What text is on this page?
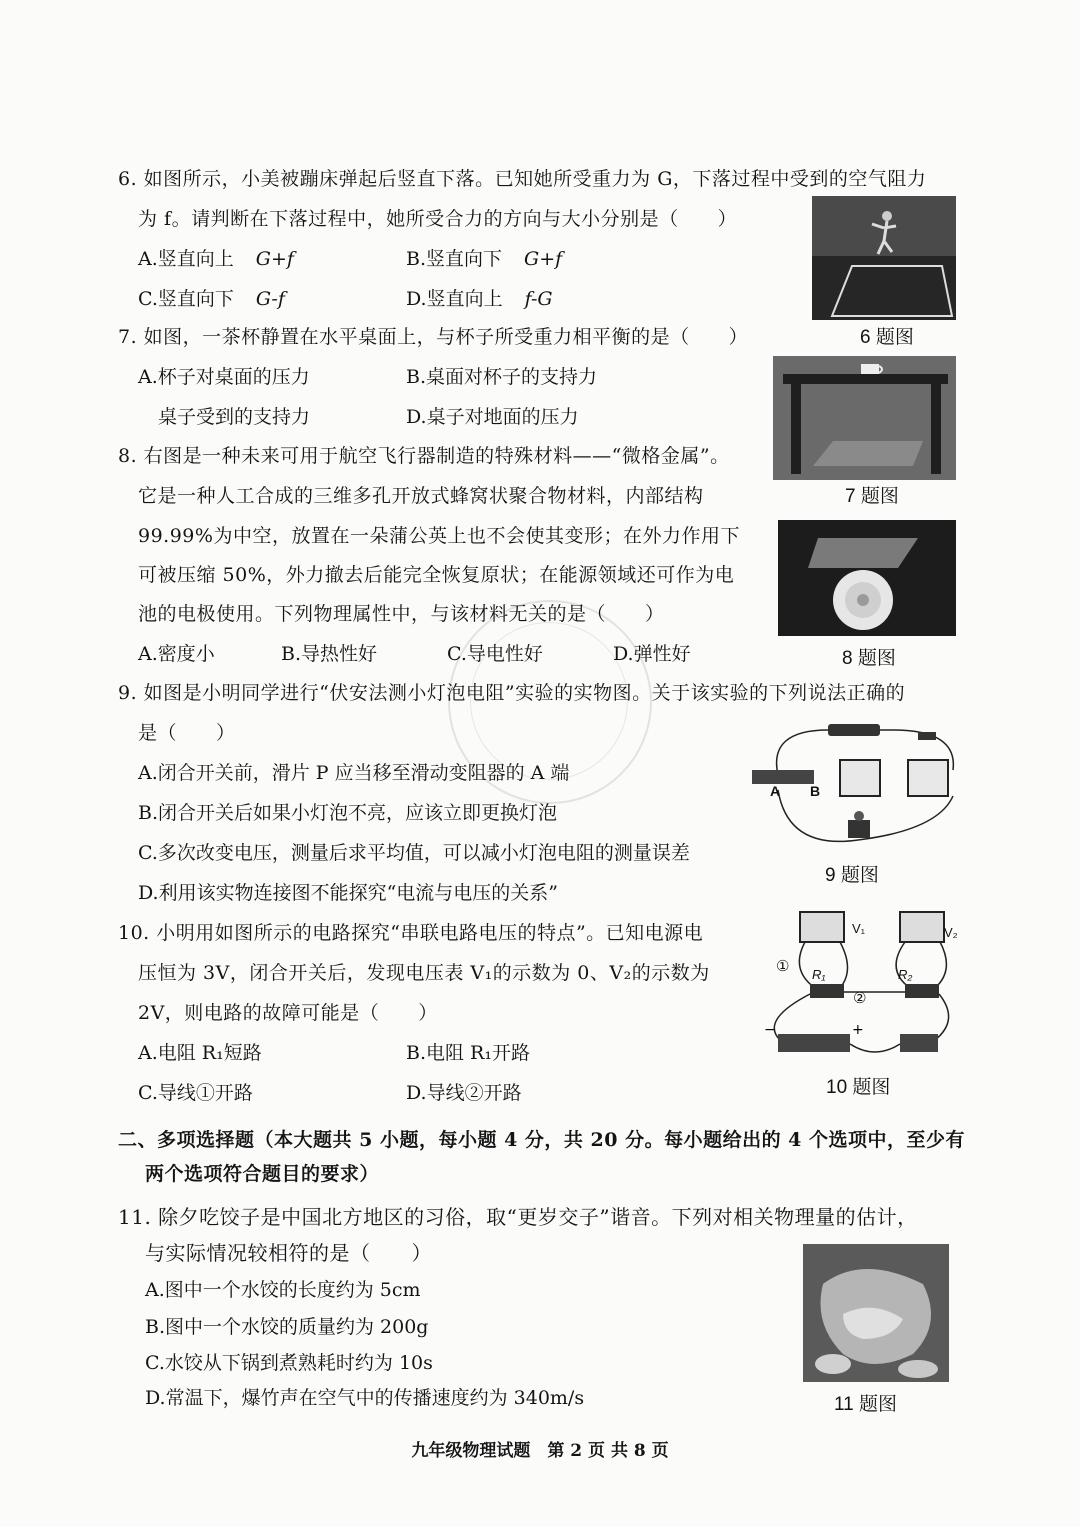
6. 如图所示，小美被蹦床弹起后竖直下落。已知她所受重力为 G，下落过程中受到的空气阻力
为 f。请判断在下落过程中，她所受合力的方向与大小分别是（　　）
A.竖直向上 G+f	B.竖直向下 G+f
C.竖直向下 G-f	D.竖直向上 f-G
6 题图
7. 如图，一茶杯静置在水平桌面上，与杯子所受重力相平衡的是（　　）
A.杯子对桌面的压力	B.桌面对杯子的支持力
桌子受到的支持力	D.桌子对地面的压力
7 题图
8. 右图是一种未来可用于航空飞行器制造的特殊材料——“微格金属”。
它是一种人工合成的三维多孔开放式蜂窝状聚合物材料，内部结构
99.99%为中空，放置在一朵蒲公英上也不会使其变形；在外力作用下
可被压缩 50%，外力撤去后能完全恢复原状；在能源领域还可作为电
池的电极使用。下列物理属性中，与该材料无关的是（　　）
A.密度小	B.导热性好	C.导电性好	D.弹性好	8 题图
9. 如图是小明同学进行“伏安法测小灯泡电阻”实验的实物图。关于该实验的下列说法正确的
是（　　）
A.闭合开关前，滑片 P 应当移至滑动变阻器的 A 端
B.闭合开关后如果小灯泡不亮，应该立即更换灯泡
C.多次改变电压，测量后求平均值，可以减小灯泡电阻的测量误差
D.利用该实物连接图不能探究“电流与电压的关系”
A B
9 题图
10. 小明用如图所示的电路探究“串联电路电压的特点”。已知电源电
压恒为 3V，闭合开关后，发现电压表 V₁的示数为 0、V₂的示数为
2V，则电路的故障可能是（　　）
A.电阻 R₁短路	B.电阻 R₁开路
C.导线①开路	D.导线②开路
−	+
V₁	V₂
R₁	R₂
①
②
10 题图
二、多项选择题（本大题共 5 小题，每小题 4 分，共 20 分。每小题给出的 4 个选项中，至少有
两个选项符合题目的要求）
11. 除夕吃饺子是中国北方地区的习俗，取“更岁交子”谐音。下列对相关物理量的估计，
与实际情况较相符的是（　　）
A.图中一个水饺的长度约为 5cm
B.图中一个水饺的质量约为 200g
C.水饺从下锅到煮熟耗时约为 10s
D.常温下，爆竹声在空气中的传播速度约为 340m/s	11 题图
九年级物理试题　第 2 页 共 8 页
